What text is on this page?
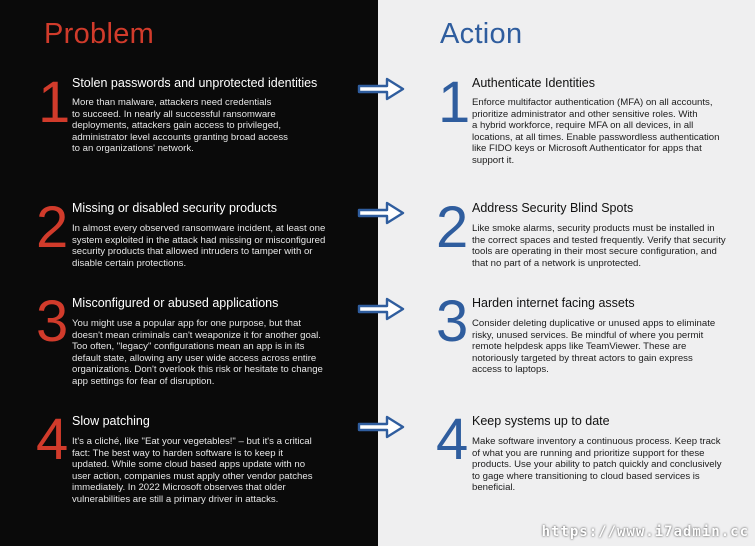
Problem	Action
1 Stolen passwords and unprotected identities
More than malware, attackers need credentials
to succeed. In nearly all successful ransomware
deployments, attackers gain access to privileged,
administrator level accounts granting broad access
to an organizations' network.
2 Missing or disabled security products
In almost every observed ransomware incident, at least one
system exploited in the attack had missing or misconfigured
security products that allowed intruders to tamper with or
disable certain protections.
3 Misconfigured or abused applications
You might use a popular app for one purpose, but that
doesn't mean criminals can't weaponize it for another goal.
Too often, "legacy" configurations mean an app is in its
default state, allowing any user wide access across entire
organizations. Don't overlook this risk or hesitate to change
app settings for fear of disruption.
4 Slow patching
It's a cliché, like "Eat your vegetables!" – but it's a critical
fact: The best way to harden software is to keep it
updated. While some cloud based apps update with no
user action, companies must apply other vendor patches
immediately. In 2022 Microsoft observes that older
vulnerabilities are still a primary driver in attacks.
1 Authenticate Identities
Enforce multifactor authentication (MFA) on all accounts,
prioritize administrator and other sensitive roles. With
a hybrid workforce, require MFA on all devices, in all
locations, at all times. Enable passwordless authentication
like FIDO keys or Microsoft Authenticator for apps that
support it.
2 Address Security Blind Spots
Like smoke alarms, security products must be installed in
the correct spaces and tested frequently. Verify that security
tools are operating in their most secure configuration, and
that no part of a network is unprotected.
3 Harden internet facing assets
Consider deleting duplicative or unused apps to eliminate
risky, unused services. Be mindful of where you permit
remote helpdesk apps like TeamViewer. These are
notoriously targeted by threat actors to gain express
access to laptops.
4 Keep systems up to date
Make software inventory a continuous process. Keep track
of what you are running and prioritize support for these
products. Use your ability to patch quickly and conclusively
to gage where transitioning to cloud based services is
beneficial.
https://www.i7admin.cc
